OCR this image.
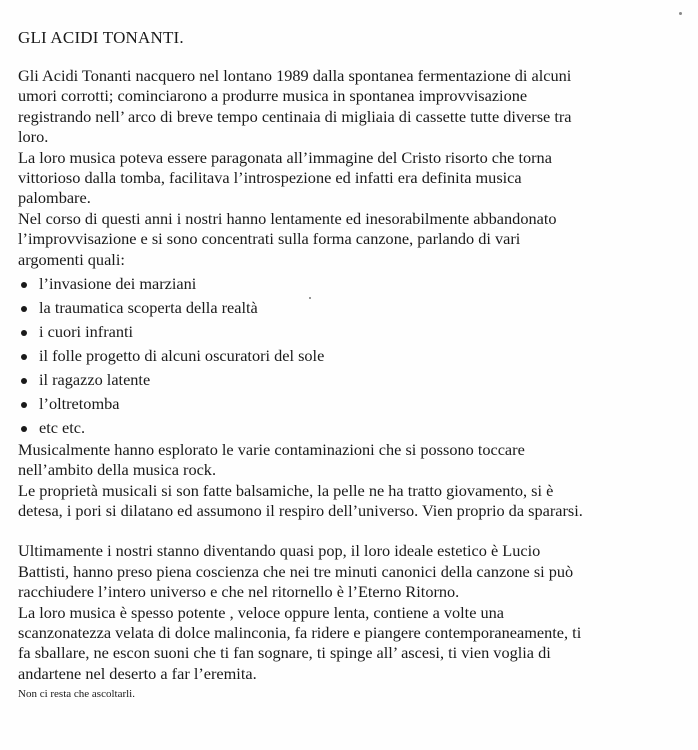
GLI ACIDI TONANTI.
Gli Acidi Tonanti nacquero nel lontano 1989 dalla spontanea fermentazione di alcuni
umori corrotti; cominciarono a produrre musica in spontanea improvvisazione
registrando nell’ arco di breve tempo centinaia di migliaia di cassette tutte diverse tra
loro.
La loro musica poteva essere paragonata all’immagine del Cristo risorto che torna
vittorioso dalla tomba, facilitava l’introspezione ed infatti era definita musica
palombare.
Nel corso di questi anni i nostri hanno lentamente ed inesorabilmente abbandonato
l’improvvisazione e si sono concentrati sulla forma canzone, parlando di vari
argomenti quali:
l’invasione dei marziani
la traumatica scoperta della realtà
i cuori infranti
il folle progetto di alcuni oscuratori del sole
il ragazzo latente
l’oltretomba
etc etc.
Musicalmente hanno esplorato le varie contaminazioni che si possono toccare
nell’ambito della musica rock.
Le proprietà musicali si son fatte balsamiche, la pelle ne ha tratto giovamento, si è
detesa, i pori si dilatano ed assumono il respiro dell’universo. Vien proprio da spararsi.
Ultimamente i nostri stanno diventando quasi pop, il loro ideale estetico è Lucio
Battisti, hanno preso piena coscienza che nei tre minuti canonici della canzone si può
racchiudere l’intero universo e che nel ritornello è l’Eterno Ritorno.
La loro musica è spesso potente , veloce oppure lenta, contiene a volte una
scanzonatezza velata di dolce malinconia, fa ridere e piangere contemporaneamente, ti
fa sballare, ne escon suoni che ti fan sognare, ti spinge all’ ascesi, ti vien voglia di
andartene nel deserto a far l’eremita.
Non ci resta che ascoltarli.
